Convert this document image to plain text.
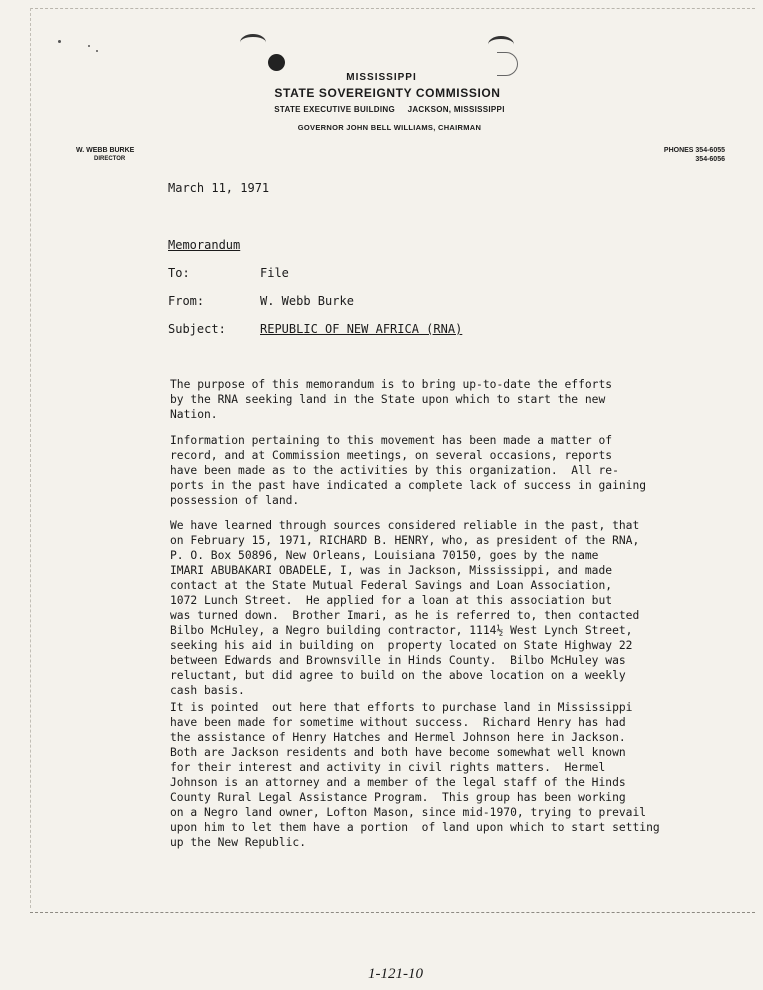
MISSISSIPPI
STATE SOVEREIGNTY COMMISSION
STATE EXECUTIVE BUILDING     JACKSON, MISSISSIPPI
GOVERNOR JOHN BELL WILLIAMS, CHAIRMAN
W. WEBB BURKE
DIRECTOR
PHONES 354-6055
354-6056
March 11, 1971
Memorandum
To:	File
From:	W. Webb Burke
Subject:	REPUBLIC OF NEW AFRICA (RNA)
The purpose of this memorandum is to bring up-to-date the efforts
by the RNA seeking land in the State upon which to start the new
Nation.
Information pertaining to this movement has been made a matter of
record, and at Commission meetings, on several occasions, reports
have been made as to the activities by this organization.  All re-
ports in the past have indicated a complete lack of success in gaining
possession of land.
We have learned through sources considered reliable in the past, that
on February 15, 1971, RICHARD B. HENRY, who, as president of the RNA,
P. O. Box 50896, New Orleans, Louisiana 70150, goes by the name
IMARI ABUBAKARI OBADELE, I, was in Jackson, Mississippi, and made
contact at the State Mutual Federal Savings and Loan Association,
1072 Lunch Street.  He applied for a loan at this association but
was turned down.  Brother Imari, as he is referred to, then contacted
Bilbo McHuley, a Negro building contractor, 1114½ West Lynch Street,
seeking his aid in building on  property located on State Highway 22
between Edwards and Brownsville in Hinds County.  Bilbo McHuley was
reluctant, but did agree to build on the above location on a weekly
cash basis.
It is pointed  out here that efforts to purchase land in Mississippi
have been made for sometime without success.  Richard Henry has had
the assistance of Henry Hatches and Hermel Johnson here in Jackson.
Both are Jackson residents and both have become somewhat well known
for their interest and activity in civil rights matters.  Hermel
Johnson is an attorney and a member of the legal staff of the Hinds
County Rural Legal Assistance Program.  This group has been working
on a Negro land owner, Lofton Mason, since mid-1970, trying to prevail
upon him to let them have a portion  of land upon which to start setting
up the New Republic.
1-121-10
